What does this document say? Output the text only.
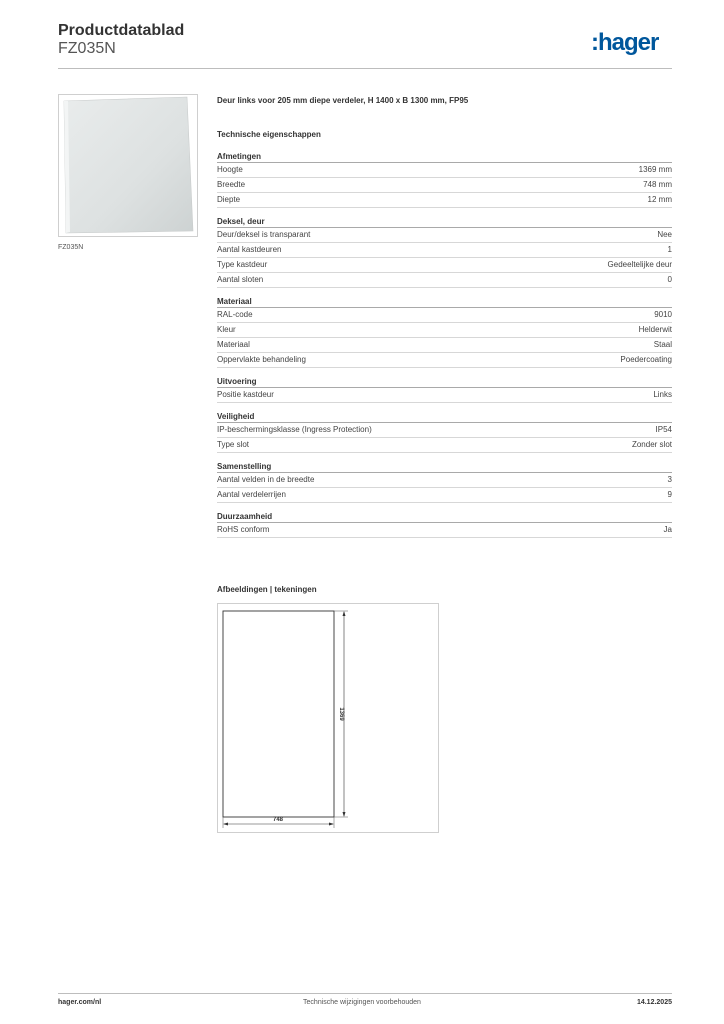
Productdatablad
FZ035N	:hager
FZ035N
Deur links voor 205 mm diepe verdeler, H 1400 x B 1300 mm, FP95
Technische eigenschappen
Afmetingen
Hoogte	1369 mm
Breedte	748 mm
Diepte	12 mm
Deksel, deur
Deur/deksel is transparant	Nee
Aantal kastdeuren	1
Type kastdeur	Gedeeltelijke deur
Aantal sloten	0
Materiaal
RAL-code	9010
Kleur	Helderwit
Materiaal	Staal
Oppervlakte behandeling	Poedercoating
Uitvoering
Positie kastdeur	Links
Veiligheid
IP-beschermingsklasse (Ingress Protection)	IP54
Type slot	Zonder slot
Samenstelling
Aantal velden in de breedte	3
Aantal verdelerrijen	9
Duurzaamheid
RoHS conform	Ja
Afbeeldingen | tekeningen
1369
748
hager.com/nl	Technische wijzigingen voorbehouden	14.12.2025
